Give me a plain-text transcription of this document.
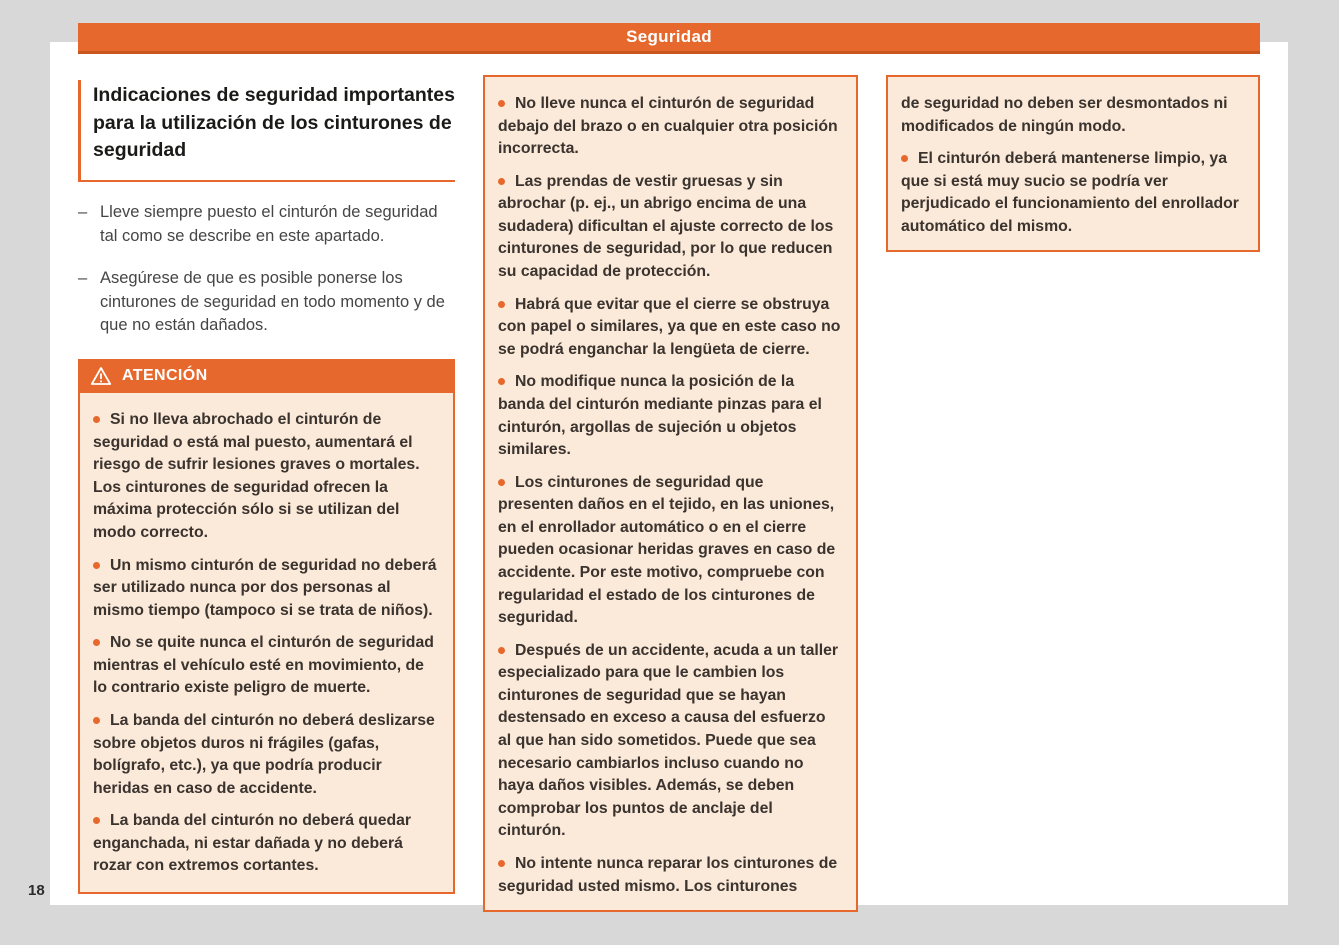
Seguridad
Indicaciones de seguridad importantes para la utilización de los cinturones de seguridad
– Lleve siempre puesto el cinturón de seguridad tal como se describe en este apartado.
– Asegúrese de que es posible ponerse los cinturones de seguridad en todo momento y de que no están dañados.
ATENCIÓN

Si no lleva abrochado el cinturón de seguridad o está mal puesto, aumentará el riesgo de sufrir lesiones graves o mortales. Los cinturones de seguridad ofrecen la máxima protección sólo si se utilizan del modo correcto.

Un mismo cinturón de seguridad no deberá ser utilizado nunca por dos personas al mismo tiempo (tampoco si se trata de niños).

No se quite nunca el cinturón de seguridad mientras el vehículo esté en movimiento, de lo contrario existe peligro de muerte.

La banda del cinturón no deberá deslizarse sobre objetos duros ni frágiles (gafas, bolígrafo, etc.), ya que podría producir heridas en caso de accidente.

La banda del cinturón no deberá quedar enganchada, ni estar dañada y no deberá rozar con extremos cortantes.

No lleve nunca el cinturón de seguridad debajo del brazo o en cualquier otra posición incorrecta.

Las prendas de vestir gruesas y sin abrochar (p. ej., un abrigo encima de una sudadera) dificultan el ajuste correcto de los cinturones de seguridad, por lo que reducen su capacidad de protección.

Habrá que evitar que el cierre se obstruya con papel o similares, ya que en este caso no se podrá enganchar la lengüeta de cierre.

No modifique nunca la posición de la banda del cinturón mediante pinzas para el cinturón, argollas de sujeción u objetos similares.

Los cinturones de seguridad que presenten daños en el tejido, en las uniones, en el enrollador automático o en el cierre pueden ocasionar heridas graves en caso de accidente. Por este motivo, compruebe con regularidad el estado de los cinturones de seguridad.

Después de un accidente, acuda a un taller especializado para que le cambien los cinturones de seguridad que se hayan destensado en exceso a causa del esfuerzo al que han sido sometidos. Puede que sea necesario cambiarlos incluso cuando no haya daños visibles. Además, se deben comprobar los puntos de anclaje del cinturón.

No intente nunca reparar los cinturones de seguridad usted mismo. Los cinturones

de seguridad no deben ser desmontados ni modificados de ningún modo.

El cinturón deberá mantenerse limpio, ya que si está muy sucio se podría ver perjudicado el funcionamiento del enrollador automático del mismo.

18
